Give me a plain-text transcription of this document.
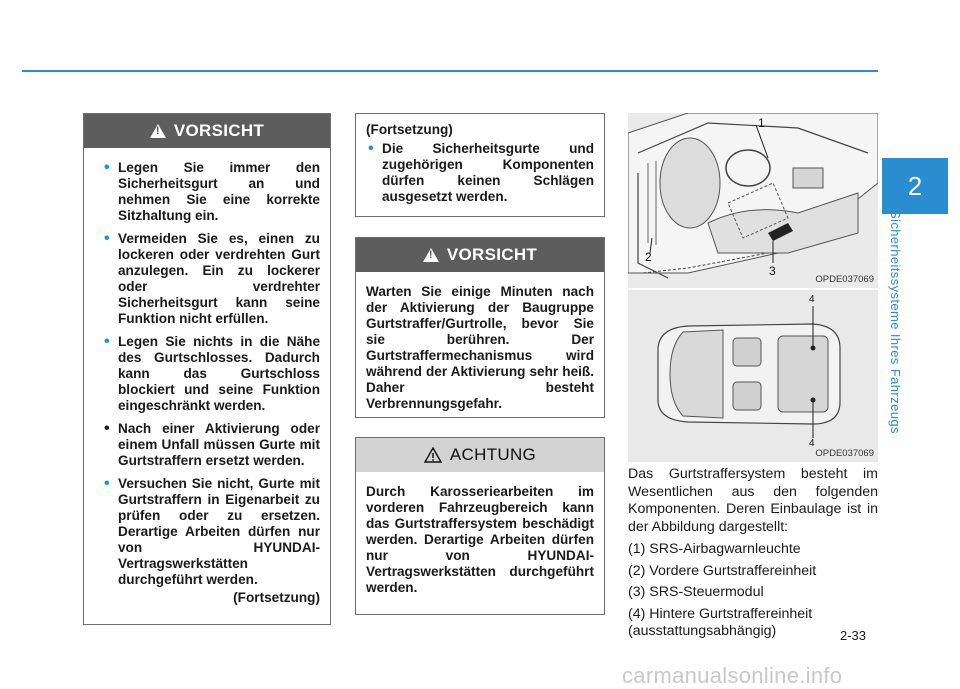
2
Sicherheitssysteme Ihres Fahrzeugs
!
VORSICHT
• Legen Sie immer den Sicherheitsgurt an und nehmen Sie eine korrekte Sitzhaltung ein.
• Vermeiden Sie es, einen zu lockeren oder verdrehten Gurt anzulegen. Ein zu lockerer oder verdrehter Sicherheitsgurt kann seine Funktion nicht erfüllen.
• Legen Sie nichts in die Nähe des Gurtschlosses. Dadurch kann das Gurtschloss blockiert und seine Funktion eingeschränkt werden.
• Nach einer Aktivierung oder einem Unfall müssen Gurte mit Gurtstraffern ersetzt werden.
• Versuchen Sie nicht, Gurte mit Gurtstraffern in Eigenarbeit zu prüfen oder zu ersetzen. Derartige Arbeiten dürfen nur von HYUNDAI-Vertragswerkstätten durchgeführt werden.

(Fortsetzung)

(Fortsetzung)

• Die Sicherheitsgurte und zugehörigen Komponenten dürfen keinen Schlägen ausgesetzt werden.
!
VORSICHT

Warten Sie einige Minuten nach der Aktivierung der Baugruppe Gurtstraffer/Gurtrolle, bevor Sie sie berühren. Der Gurtstraffermechanismus wird während der Aktivierung sehr heiß. Daher besteht Verbrennungsgefahr.

ACHTUNG

Durch Karosseriearbeiten im vorderen Fahrzeugbereich kann das Gurtstraffersystem beschädigt werden. Derartige Arbeiten dürfen nur von HYUNDAI-Vertragswerkstätten durchgeführt werden.

1
2
3
OPDE037069
4
4
OPDE037069

Das Gurtstraffersystem besteht im Wesentlichen aus den folgenden Komponenten. Deren Einbaulage ist in der Abbildung dargestellt:

(1) SRS-Airbagwarnleuchte
(2) Vordere Gurtstraffereinheit
(3) SRS-Steuermodul
(4) Hintere Gurtstraffereinheit (ausstattungsabhängig)	2-33
carmanualsonline.info
